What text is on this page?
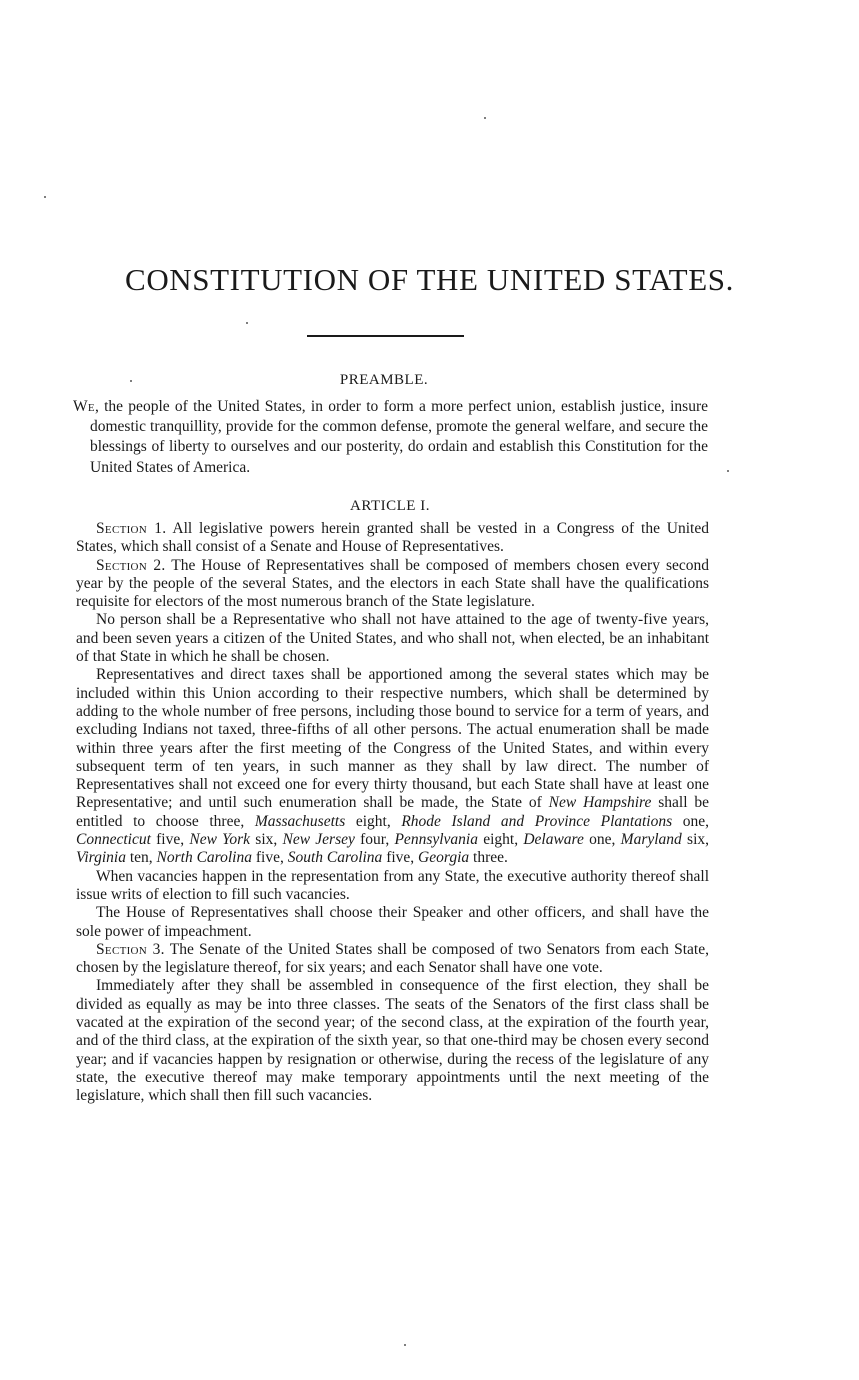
CONSTITUTION OF THE UNITED STATES.
PREAMBLE.

We, the people of the United States, in order to form a more perfect union, establish justice, insure domestic tranquillity, provide for the common defense, promote the general welfare, and secure the blessings of liberty to ourselves and our posterity, do ordain and establish this Constitution for the United States of America.

ARTICLE I.

Section 1. All legislative powers herein granted shall be vested in a Congress of the United States, which shall consist of a Senate and House of Representatives.

Section 2. The House of Representatives shall be composed of members chosen every second year by the people of the several States, and the electors in each State shall have the qualifications requisite for electors of the most numerous branch of the State legislature.

No person shall be a Representative who shall not have attained to the age of twenty-five years, and been seven years a citizen of the United States, and who shall not, when elected, be an inhabitant of that State in which he shall be chosen.

Representatives and direct taxes shall be apportioned among the several states which may be included within this Union according to their respective numbers, which shall be determined by adding to the whole number of free persons, including those bound to service for a term of years, and excluding Indians not taxed, three-fifths of all other persons. The actual enumeration shall be made within three years after the first meeting of the Congress of the United States, and within every subsequent term of ten years, in such manner as they shall by law direct. The number of Representatives shall not exceed one for every thirty thousand, but each State shall have at least one Representative; and until such enumeration shall be made, the State of New Hampshire shall be entitled to choose three, Massachusetts eight, Rhode Island and Province Plantations one, Connecticut five, New York six, New Jersey four, Pennsylvania eight, Delaware one, Maryland six, Virginia ten, North Carolina five, South Carolina five, Georgia three.

When vacancies happen in the representation from any State, the executive authority thereof shall issue writs of election to fill such vacancies.

The House of Representatives shall choose their Speaker and other officers, and shall have the sole power of impeachment.

Section 3. The Senate of the United States shall be composed of two Senators from each State, chosen by the legislature thereof, for six years; and each Senator shall have one vote.

Immediately after they shall be assembled in consequence of the first election, they shall be divided as equally as may be into three classes. The seats of the Senators of the first class shall be vacated at the expiration of the second year; of the second class, at the expiration of the fourth year, and of the third class, at the expiration of the sixth year, so that one-third may be chosen every second year; and if vacancies happen by resignation or otherwise, during the recess of the legislature of any state, the executive thereof may make temporary appointments until the next meeting of the legislature, which shall then fill such vacancies.
